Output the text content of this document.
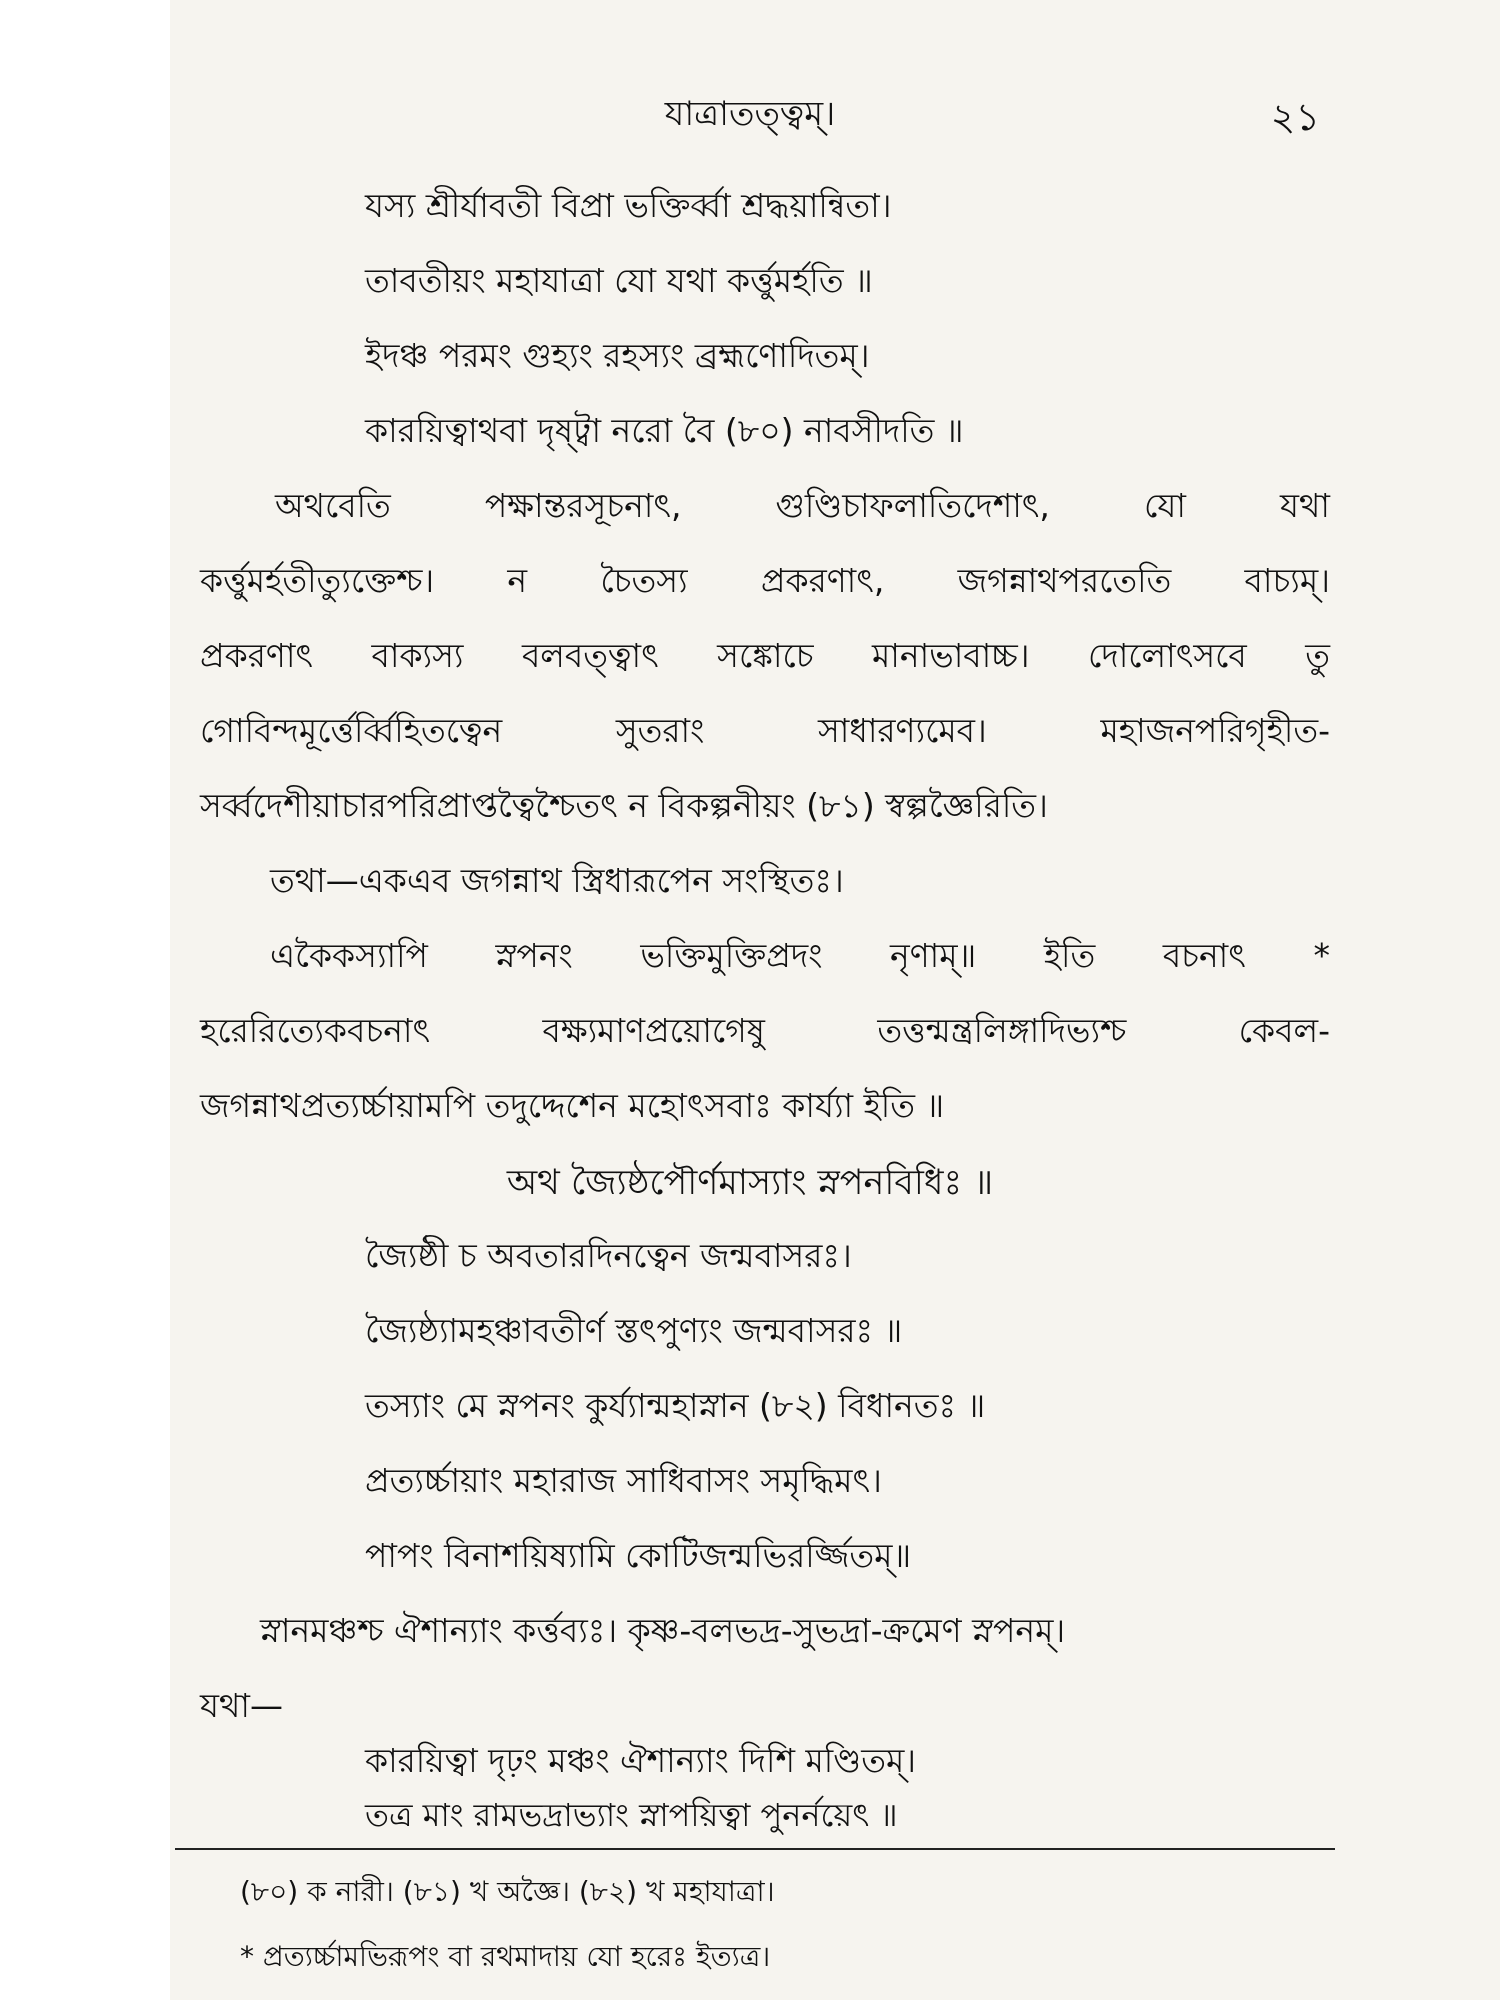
যাত্রাতত্ত্বম্।	২১
যস্য শ্রীর্যাবতী বিপ্রা ভক্তির্ব্বা শ্রদ্ধয়ান্বিতা।
তাবতীয়ং মহাযাত্রা যো যথা কর্ত্তুমর্হতি ॥
ইদঞ্চ পরমং গুহ্যং রহস্যং ব্রহ্মণোদিতম্।
কারয়িত্বাথবা দৃষ্ট্বা নরো বৈ (৮০) নাবসীদতি ॥
অথবেতি পক্ষান্তরসূচনাৎ, গুণ্ডিচাফলাতিদেশাৎ, যো যথা
কর্ত্তুমর্হতীত্যুক্তেশ্চ। ন চৈতস্য প্রকরণাৎ, জগন্নাথপরতেতি বাচ্যম্।
প্রকরণাৎ বাক্যস্য বলবত্ত্বাৎ সঙ্কোচে মানাভাবাচ্চ। দোলোৎসবে তু
গোবিন্দমূর্ত্তের্ব্বিহিতত্বেন সুতরাং সাধারণ্যমেব। মহাজনপরিগৃহীত-
সর্ব্বদেশীয়াচারপরিপ্রাপ্তত্বৈশ্চৈতৎ ন বিকল্পনীয়ং (৮১) স্বল্পজ্ঞৈরিতি।
তথা—একএব জগন্নাথ স্ত্রিধারূপেন সংস্থিতঃ।
একৈকস্যাপি স্নপনং ভক্তিমুক্তিপ্রদং নৃণাম্॥ ইতি বচনাৎ *
হরেরিত্যেকবচনাৎ বক্ষ্যমাণপ্রয়োগেষু তত্তন্মন্ত্রলিঙ্গাদিভ্যশ্চ কেবল-
জগন্নাথপ্রত্যর্চ্চায়ামপি তদুদ্দেশেন মহোৎসবাঃ কার্য্যা ইতি ॥
অথ জ্যৈষ্ঠপৌর্ণমাস্যাং স্নপনবিধিঃ ॥
জ্যৈষ্ঠী চ অবতারদিনত্বেন জন্মবাসরঃ।
জ্যৈষ্ঠ্যামহঞ্চাবতীর্ণ স্তৎপুণ্যং জন্মবাসরঃ ॥
তস্যাং মে স্নপনং কুর্য্যান্মহাস্নান (৮২) বিধানতঃ ॥
প্রত্যর্চ্চায়াং মহারাজ সাধিবাসং সমৃদ্ধিমৎ।
পাপং বিনাশয়িষ্যামি কোটিজন্মভিরর্জ্জিতম্॥
স্নানমঞ্চশ্চ ঐশান্যাং কর্ত্তব্যঃ। কৃষ্ণ-বলভদ্র-সুভদ্রা-ক্রমেণ স্নপনম্।
যথা—
কারয়িত্বা দৃঢ়ং মঞ্চং ঐশান্যাং দিশি মণ্ডিতম্।
তত্র মাং রামভদ্রাভ্যাং স্নাপয়িত্বা পুনর্নয়েৎ ॥
(৮০) ক নারী। (৮১) খ অজ্ঞৈ। (৮২) খ মহাযাত্রা।
* প্রত্যর্চ্চামভিরূপং বা রথমাদায় যো হরেঃ ইত্যত্র।
